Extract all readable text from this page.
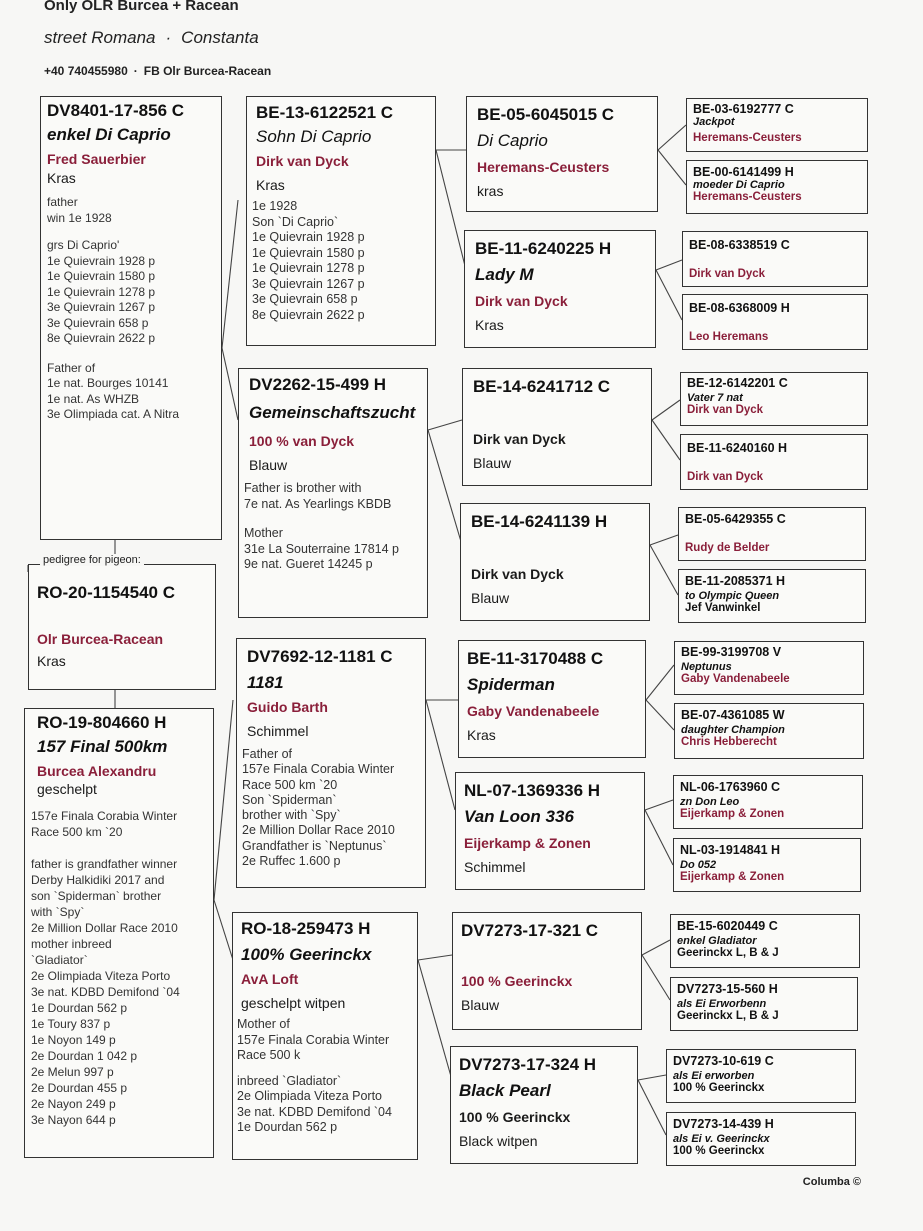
Only OLR Burcea + Racean
street Romana · Constanta
+40 740455980 · FB Olr Burcea-Racean
DV8401-17-856 C
enkel Di Caprio
Fred Sauerbier
Kras
father
win 1e 1928
grs Di Caprio'
1e Quievrain 1928 p
1e Quievrain 1580 p
1e Quievrain 1278 p
3e Quievrain 1267 p
3e Quievrain 658 p
8e Quievrain 2622 p
Father of
1e nat. Bourges 10141
1e nat. As WHZB
3e Olimpiada cat. A Nitra
RO-20-1154540 C
Olr Burcea-Racean
Kras
pedigree for pigeon:
RO-19-804660 H
157 Final 500km
Burcea Alexandru
geschelpt
157e Finala Corabia Winter
Race 500 km `20
father is grandfather winner
Derby Halkidiki 2017 and
son `Spiderman` brother
with `Spy`
2e Million Dollar Race 2010
mother inbreed
`Gladiator`
2e Olimpiada Viteza Porto
3e nat. KDBD Demifond `04
1e Dourdan 562 p
1e Toury 837 p
1e Noyon 149 p
2e Dourdan 1 042 p
2e Melun 997 p
2e Dourdan 455 p
2e Nayon 249 p
3e Nayon 644 p
BE-13-6122521 C
Sohn Di Caprio
Dirk van Dyck
Kras
1e 1928
Son `Di Caprio`
1e Quievrain 1928 p
1e Quievrain 1580 p
1e Quievrain 1278 p
3e Quievrain 1267 p
3e Quievrain 658 p
8e Quievrain 2622 p
DV2262-15-499 H
Gemeinschaftszucht
100 % van Dyck
Blauw
Father is brother with
7e nat. As Yearlings KBDB
Mother
31e La Souterraine 17814 p
9e nat. Gueret 14245 p
DV7692-12-1181 C
1181
Guido Barth
Schimmel
Father of
157e Finala Corabia Winter
Race 500 km `20
Son `Spiderman`
brother with `Spy`
2e Million Dollar Race 2010
Grandfather is `Neptunus`
2e Ruffec 1.600 p
RO-18-259473 H
100% Geerinckx
AvA Loft
geschelpt witpen
Mother of
157e Finala Corabia Winter
Race 500 k
inbreed `Gladiator`
2e Olimpiada Viteza Porto
3e nat. KDBD Demifond `04
1e Dourdan 562 p
BE-05-6045015 C
Di Caprio
Heremans-Ceusters
kras
BE-11-6240225 H
Lady M
Dirk van Dyck
Kras
BE-14-6241712 C
Dirk van Dyck
Blauw
BE-14-6241139 H
Dirk van Dyck
Blauw
BE-11-3170488 C
Spiderman
Gaby Vandenabeele
Kras
NL-07-1369336 H
Van Loon 336
Eijerkamp & Zonen
Schimmel
DV7273-17-321 C
100 % Geerinckx
Blauw
DV7273-17-324 H
Black Pearl
100 % Geerinckx
Black witpen
BE-03-6192777 C
Jackpot
Heremans-Ceusters
BE-00-6141499 H
moeder Di Caprio
Heremans-Ceusters
BE-08-6338519 C
Dirk van Dyck
BE-08-6368009 H
Leo Heremans
BE-12-6142201 C
Vater 7 nat
Dirk van Dyck
BE-11-6240160 H
Dirk van Dyck
BE-05-6429355 C
Rudy de Belder
BE-11-2085371 H
to Olympic Queen
Jef Vanwinkel
BE-99-3199708 V
Neptunus
Gaby Vandenabeele
BE-07-4361085 W
daughter Champion
Chris Hebberecht
NL-06-1763960 C
zn Don Leo
Eijerkamp & Zonen
NL-03-1914841 H
Do 052
Eijerkamp & Zonen
BE-15-6020449 C
enkel Gladiator
Geerinckx L, B & J
DV7273-15-560 H
als Ei Erworbenn
Geerinckx L, B & J
DV7273-10-619 C
als Ei erworben
100 % Geerinckx
DV7273-14-439 H
als Ei v. Geerinckx
100 % Geerinckx
Columba ©
